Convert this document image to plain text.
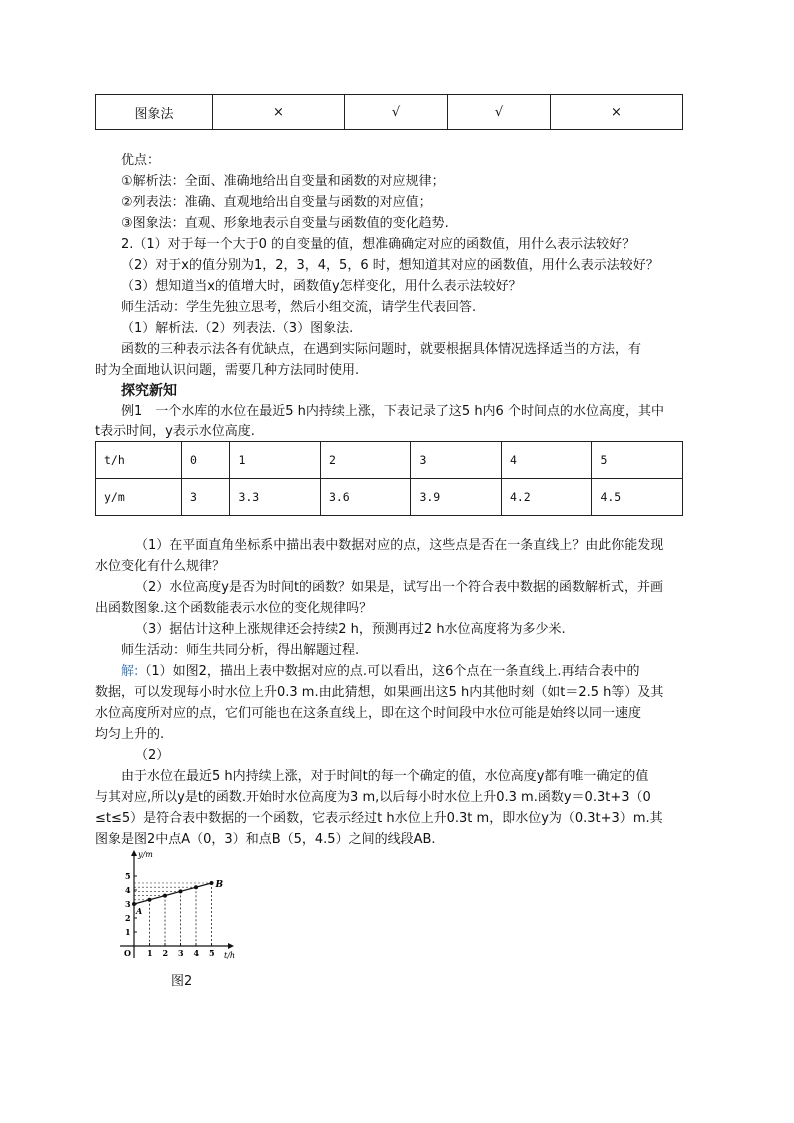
图象法	×	√	√	×
优点：
①解析法：全面、准确地给出自变量和函数的对应规律；
②列表法：准确、直观地给出自变量与函数的对应值；
③图象法：直观、形象地表示自变量与函数值的变化趋势.
2.（1）对于每一个大于0 的自变量的值，想准确确定对应的函数值，用什么表示法较好？
（2）对于x的值分别为1，2，3，4，5，6 时，想知道其对应的函数值，用什么表示法较好？
（3）想知道当x的值增大时，函数值y怎样变化，用什么表示法较好？
师生活动：学生先独立思考，然后小组交流，请学生代表回答.
（1）解析法.（2）列表法.（3）图象法.
函数的三种表示法各有优缺点，在遇到实际问题时，就要根据具体情况选择适当的方法，有
时为全面地认识问题，需要几种方法同时使用.
探究新知
例1　一个水库的水位在最近5 h内持续上涨，下表记录了这5 h内6 个时间点的水位高度，其中
t表示时间，y表示水位高度.
t/h	0	1	2	3	4	5
y/m	3	3.3	3.6	3.9	4.2	4.5
（1）在平面直角坐标系中描出表中数据对应的点，这些点是否在一条直线上？由此你能发现
水位变化有什么规律？
（2）水位高度y是否为时间t的函数？如果是，试写出一个符合表中数据的函数解析式，并画
出函数图象.这个函数能表示水位的变化规律吗？
（3）据估计这种上涨规律还会持续2 h，预测再过2 h水位高度将为多少米.
师生活动：师生共同分析，得出解题过程.
解:（1）如图2，描出上表中数据对应的点.可以看出，这6个点在一条直线上.再结合表中的
数据，可以发现每小时水位上升0.3 m.由此猜想，如果画出这5 h内其他时刻（如t＝2.5 h等）及其
水位高度所对应的点，它们可能也在这条直线上，即在这个时间段中水位可能是始终以同一速度
均匀上升的.
（2）
由于水位在最近5 h内持续上涨，对于时间t的每一个确定的值，水位高度y都有唯一确定的值
与其对应,所以y是t的函数.开始时水位高度为3 m,以后每小时水位上升0.3 m.函数y＝0.3t+3（0
≤t≤5）是符合表中数据的一个函数，它表示经过t h水位上升0.3t m，即水位y为（0.3t+3）m.其
图象是图2中点A（0，3）和点B（5，4.5）之间的线段AB.
y/m
t/h
O 1 2 3 4 5
1
2
3
4
5
A
B
图2
